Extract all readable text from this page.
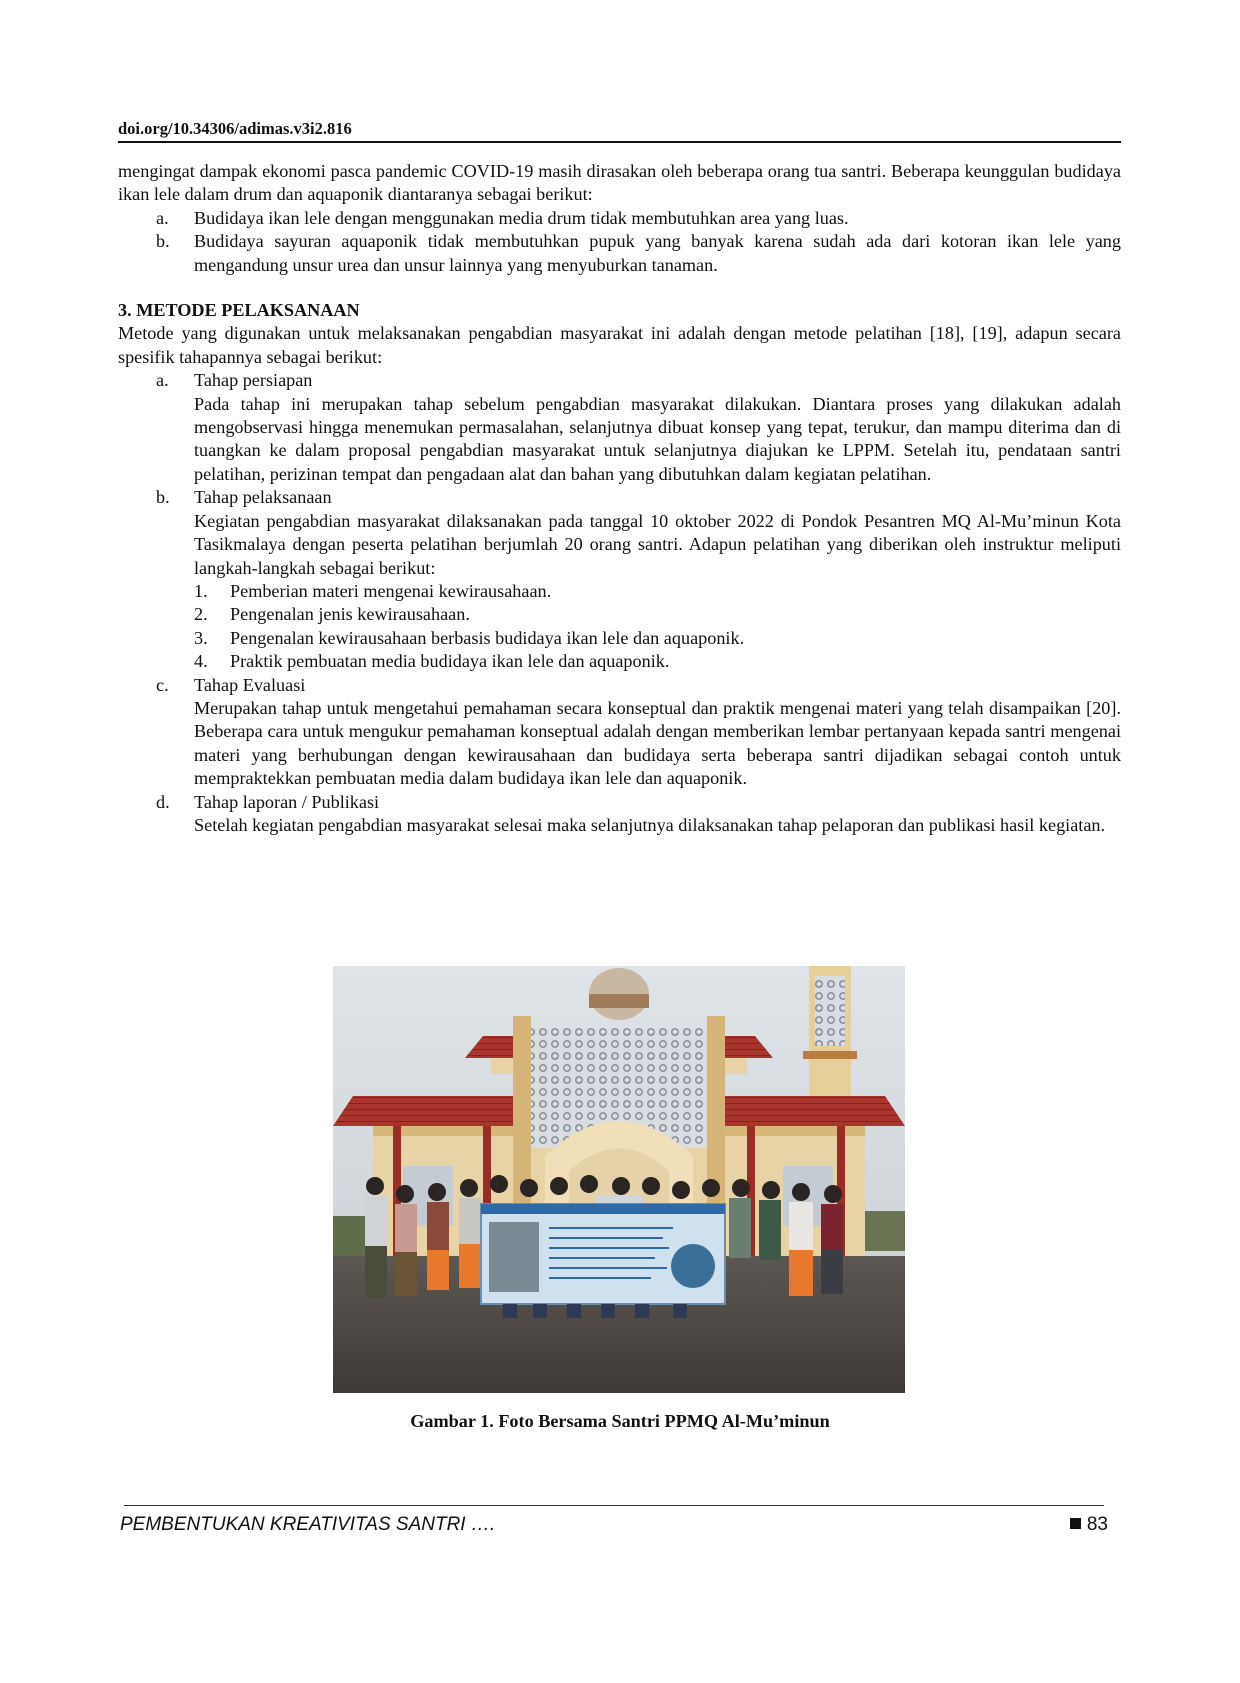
doi.org/10.34306/adimas.v3i2.816

mengingat dampak ekonomi pasca pandemic COVID-19 masih dirasakan oleh beberapa orang tua santri. Beberapa keunggulan budidaya ikan lele dalam drum dan aquaponik diantaranya sebagai berikut:

a. Budidaya ikan lele dengan menggunakan media drum tidak membutuhkan area yang luas.

b. Budidaya sayuran aquaponik tidak membutuhkan pupuk yang banyak karena sudah ada dari kotoran ikan lele yang mengandung unsur urea dan unsur lainnya yang menyuburkan tanaman.

3. METODE PELAKSANAAN

Metode yang digunakan untuk melaksanakan pengabdian masyarakat ini adalah dengan metode pelatihan [18], [19], adapun secara spesifik tahapannya sebagai berikut:

a. Tahap persiapan

Pada tahap ini merupakan tahap sebelum pengabdian masyarakat dilakukan. Diantara proses yang dilakukan adalah mengobservasi hingga menemukan permasalahan, selanjutnya dibuat konsep yang tepat, terukur, dan mampu diterima dan di tuangkan ke dalam proposal pengabdian masyarakat untuk selanjutnya diajukan ke LPPM. Setelah itu, pendataan santri pelatihan, perizinan tempat dan pengadaan alat dan bahan yang dibutuhkan dalam kegiatan pelatihan.

b. Tahap pelaksanaan

Kegiatan pengabdian masyarakat dilaksanakan pada tanggal 10 oktober 2022 di Pondok Pesantren MQ Al-Mu’minun Kota Tasikmalaya dengan peserta pelatihan berjumlah 20 orang santri. Adapun pelatihan yang diberikan oleh instruktur meliputi langkah-langkah sebagai berikut:

1. Pemberian materi mengenai kewirausahaan.
2. Pengenalan jenis kewirausahaan.
3. Pengenalan kewirausahaan berbasis budidaya ikan lele dan aquaponik.
4. Praktik pembuatan media budidaya ikan lele dan aquaponik.
c. Tahap Evaluasi

Merupakan tahap untuk mengetahui pemahaman secara konseptual dan praktik mengenai materi yang telah disampaikan [20]. Beberapa cara untuk mengukur pemahaman konseptual adalah dengan memberikan lembar pertanyaan kepada santri mengenai materi yang berhubungan dengan kewirausahaan dan budidaya serta beberapa santri dijadikan sebagai contoh untuk mempraktekkan pembuatan media dalam budidaya ikan lele dan aquaponik.

d. Tahap laporan / Publikasi

Setelah kegiatan pengabdian masyarakat selesai maka selanjutnya dilaksanakan tahap pelaporan dan publikasi hasil kegiatan.

Gambar 1. Foto Bersama Santri PPMQ Al-Mu’minun
PEMBENTUKAN KREATIVITAS SANTRI ….	83
